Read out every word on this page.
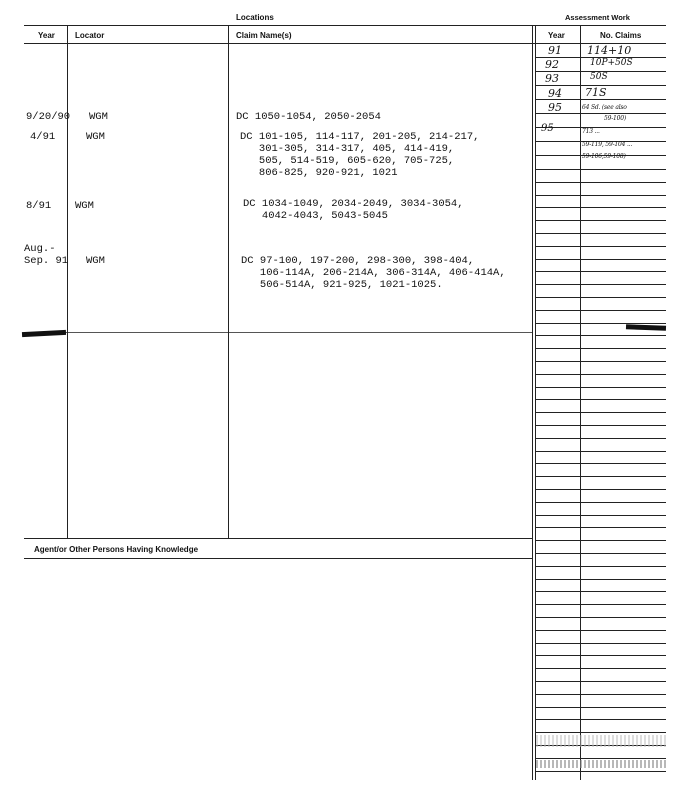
Locations	Assessment Work
Year	Locator	Claim Name(s)	Year	No. Claims
Agent/or Other Persons Having Knowledge
9/20/90 WGM	DC 1050-1054, 2050-2054
4/91	WGM	DC 101-105, 114-117, 201-205, 214-217,
301-305, 314-317, 405, 414-419,
505, 514-519, 605-620, 705-725,
806-825, 920-921, 1021
8/91 WGM	DC 1034-1049, 2034-2049, 3034-3054,
4042-4043, 5043-5045
Aug.-
Sep. 91 WGM	DC 97-100, 197-200, 298-300, 398-404,
106-114A, 206-214A, 306-314A, 406-414A,
506-514A, 921-925, 1021-1025.
91 114+10
92	10P+50S
93	50S
94 71S
95	64 Sd. (see also
59-100)
95	713 ...
59-119, 59-104 ...
59-106,59-108)
